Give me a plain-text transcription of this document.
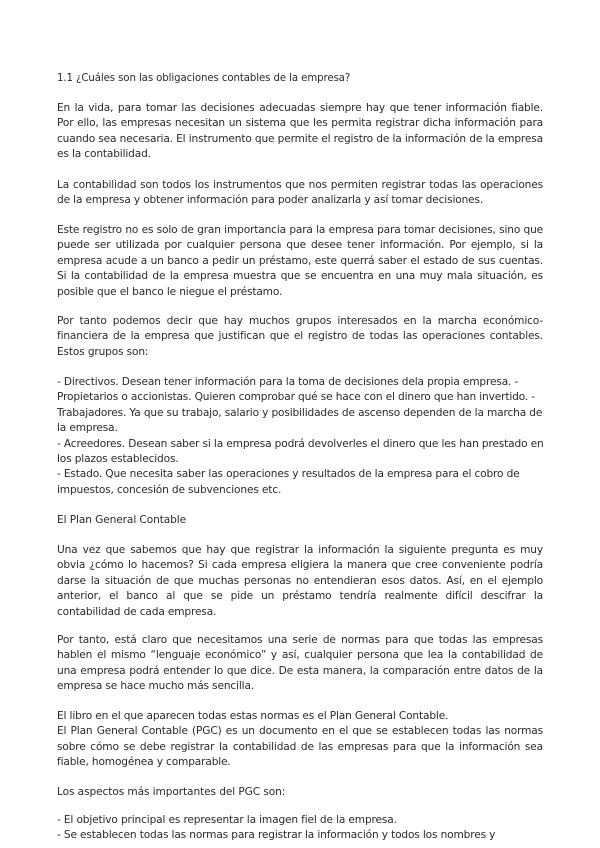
1.1 ¿Cuáles son las obligaciones contables de la empresa?

En la vida, para tomar las decisiones adecuadas siempre hay que tener información fiable. Por ello, las empresas necesitan un sistema que les permita registrar dicha información para cuando sea necesaria. El instrumento que permite el registro de la información de la empresa es la contabilidad.

La contabilidad son todos los instrumentos que nos permiten registrar todas las operaciones de la empresa y obtener información para poder analizarla y así tomar decisiones.

Este registro no es solo de gran importancia para la empresa para tomar decisiones, sino que puede ser utilizada por cualquier persona que desee tener información. Por ejemplo, si la empresa acude a un banco a pedir un préstamo, este querrá saber el estado de sus cuentas. Si la contabilidad de la empresa muestra que se encuentra en una muy mala situación, es posible que el banco le niegue el préstamo.

Por tanto podemos decir que hay muchos grupos interesados en la marcha económico-financiera de la empresa que justifican que el registro de todas las operaciones contables. Estos grupos son:

- Directivos. Desean tener información para la toma de decisiones dela propia empresa. -
Propietarios o accionistas. Quieren comprobar qué se hace con el dinero que han invertido. -
Trabajadores. Ya que su trabajo, salario y posibilidades de ascenso dependen de la marcha de
la empresa.
- Acreedores. Desean saber si la empresa podrá devolverles el dinero que les han prestado en
los plazos establecidos.
- Estado. Que necesita saber las operaciones y resultados de la empresa para el cobro de
impuestos, concesión de subvenciones etc.
El Plan General Contable

Una vez que sabemos que hay que registrar la información la siguiente pregunta es muy obvia ¿cómo lo hacemos? Si cada empresa eligiera la manera que cree conveniente podría darse la situación de que muchas personas no entendieran esos datos. Así, en el ejemplo anterior, el banco al que se pide un préstamo tendría realmente difícil descifrar la contabilidad de cada empresa.

Por tanto, está claro que necesitamos una serie de normas para que todas las empresas hablen el mismo “lenguaje económico” y así, cualquier persona que lea la contabilidad de una empresa podrá entender lo que dice. De esta manera, la comparación entre datos de la empresa se hace mucho más sencilla.

El libro en el que aparecen todas estas normas es el Plan General Contable.
El Plan General Contable (PGC) es un documento en el que se establecen todas las normas sobre cómo se debe registrar la contabilidad de las empresas para que la información sea fiable, homogénea y comparable.
Los aspectos más importantes del PGC son:
- El objetivo principal es representar la imagen fiel de la empresa.
- Se establecen todas las normas para registrar la información y todos los nombres y
